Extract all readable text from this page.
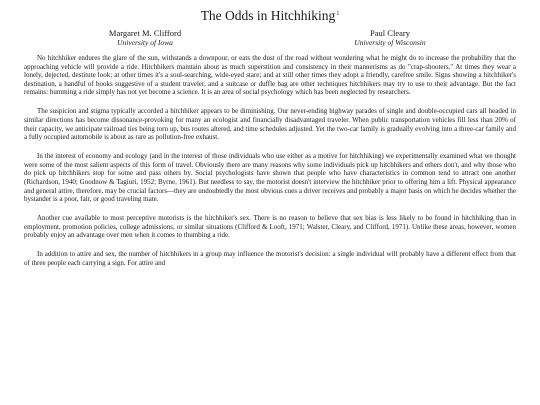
The Odds in Hitchhiking$^1$
Margaret M. Clifford
University of Iowa
Paul Cleary
University of Wisconsin

No hitchhiker endures the glare of the sun, withstands a downpour, or eats the dust of the road without wondering what he might do to increase the probability that the approaching vehicle will provide a ride. Hitchhikers maintain about as much superstition and consistency in their mannerisms as do "crap-shooters." At times they wear a lonely, dejected, destitute look; at other times it's a soul-searching, wide-eyed stare; and at still other times they adopt a friendly, carefree smile. Signs showing a hitchhiker's destination, a handful of books suggestive of a student traveler, and a suitcase or duffle bag are other techniques hitchhikers may try to use to their advantage. But the fact remains: bumming a ride simply has not yet become a science. It is an area of social psychology which has been neglected by researchers.

The suspicion and stigma typically accorded a hitchhiker appears to be diminishing. Our never-ending highway parades of single and double-occupied cars all headed in similar directions has become dissonance-provoking for many an ecologist and financially disadvantaged traveler. When public transportation vehicles fill less than 20% of their capacity, we anticipate railroad ties being torn up, bus routes altered, and time schedules adjusted. Yet the two-car family is gradually evolving into a three-car family and a fully occupied automobile is about as rare as pollution-free exhaust.

In the interest of economy and ecology (and in the interest of those individuals who use either as a motive for hitchhiking) we experimentally examined what we thought were some of the most salient aspects of this form of travel. Obviously there are many reasons why some individuals pick up hitchhikers and others don't, and why those who do pick up hitchhikers stop for some and pass others by. Social psychologists have shown that people who have characteristics in common tend to attract one another (Richardson, 1940; Goodnow & Tagiuri, 1952; Byrne, 1961). But needless to say, the motorist doesn't interview the hitchhiker prior to offering him a lift. Physical appearance and general attire, therefore, may be crucial factors—they are undoubtedly the most obvious cues a driver receives and probably a major basis on which he decides whether the bystander is a poor, fair, or good traveling mate.

Another cue available to most perceptive motorists is the hitchhiker's sex. There is no reason to believe that sex bias is less likely to be found in hitchhiking than in employment, promotion policies, college admissions, or similar situations (Clifford & Looft, 1971; Walster, Cleary, and Clifford, 1971). Unlike these areas, however, women probably enjoy an advantage over men when it comes to thumbing a ride.

In addition to attire and sex, the number of hitchhikers in a group may influence the motorist's decision: a single individual will probably have a different effect from that of three people each carrying a sign. For attire and
